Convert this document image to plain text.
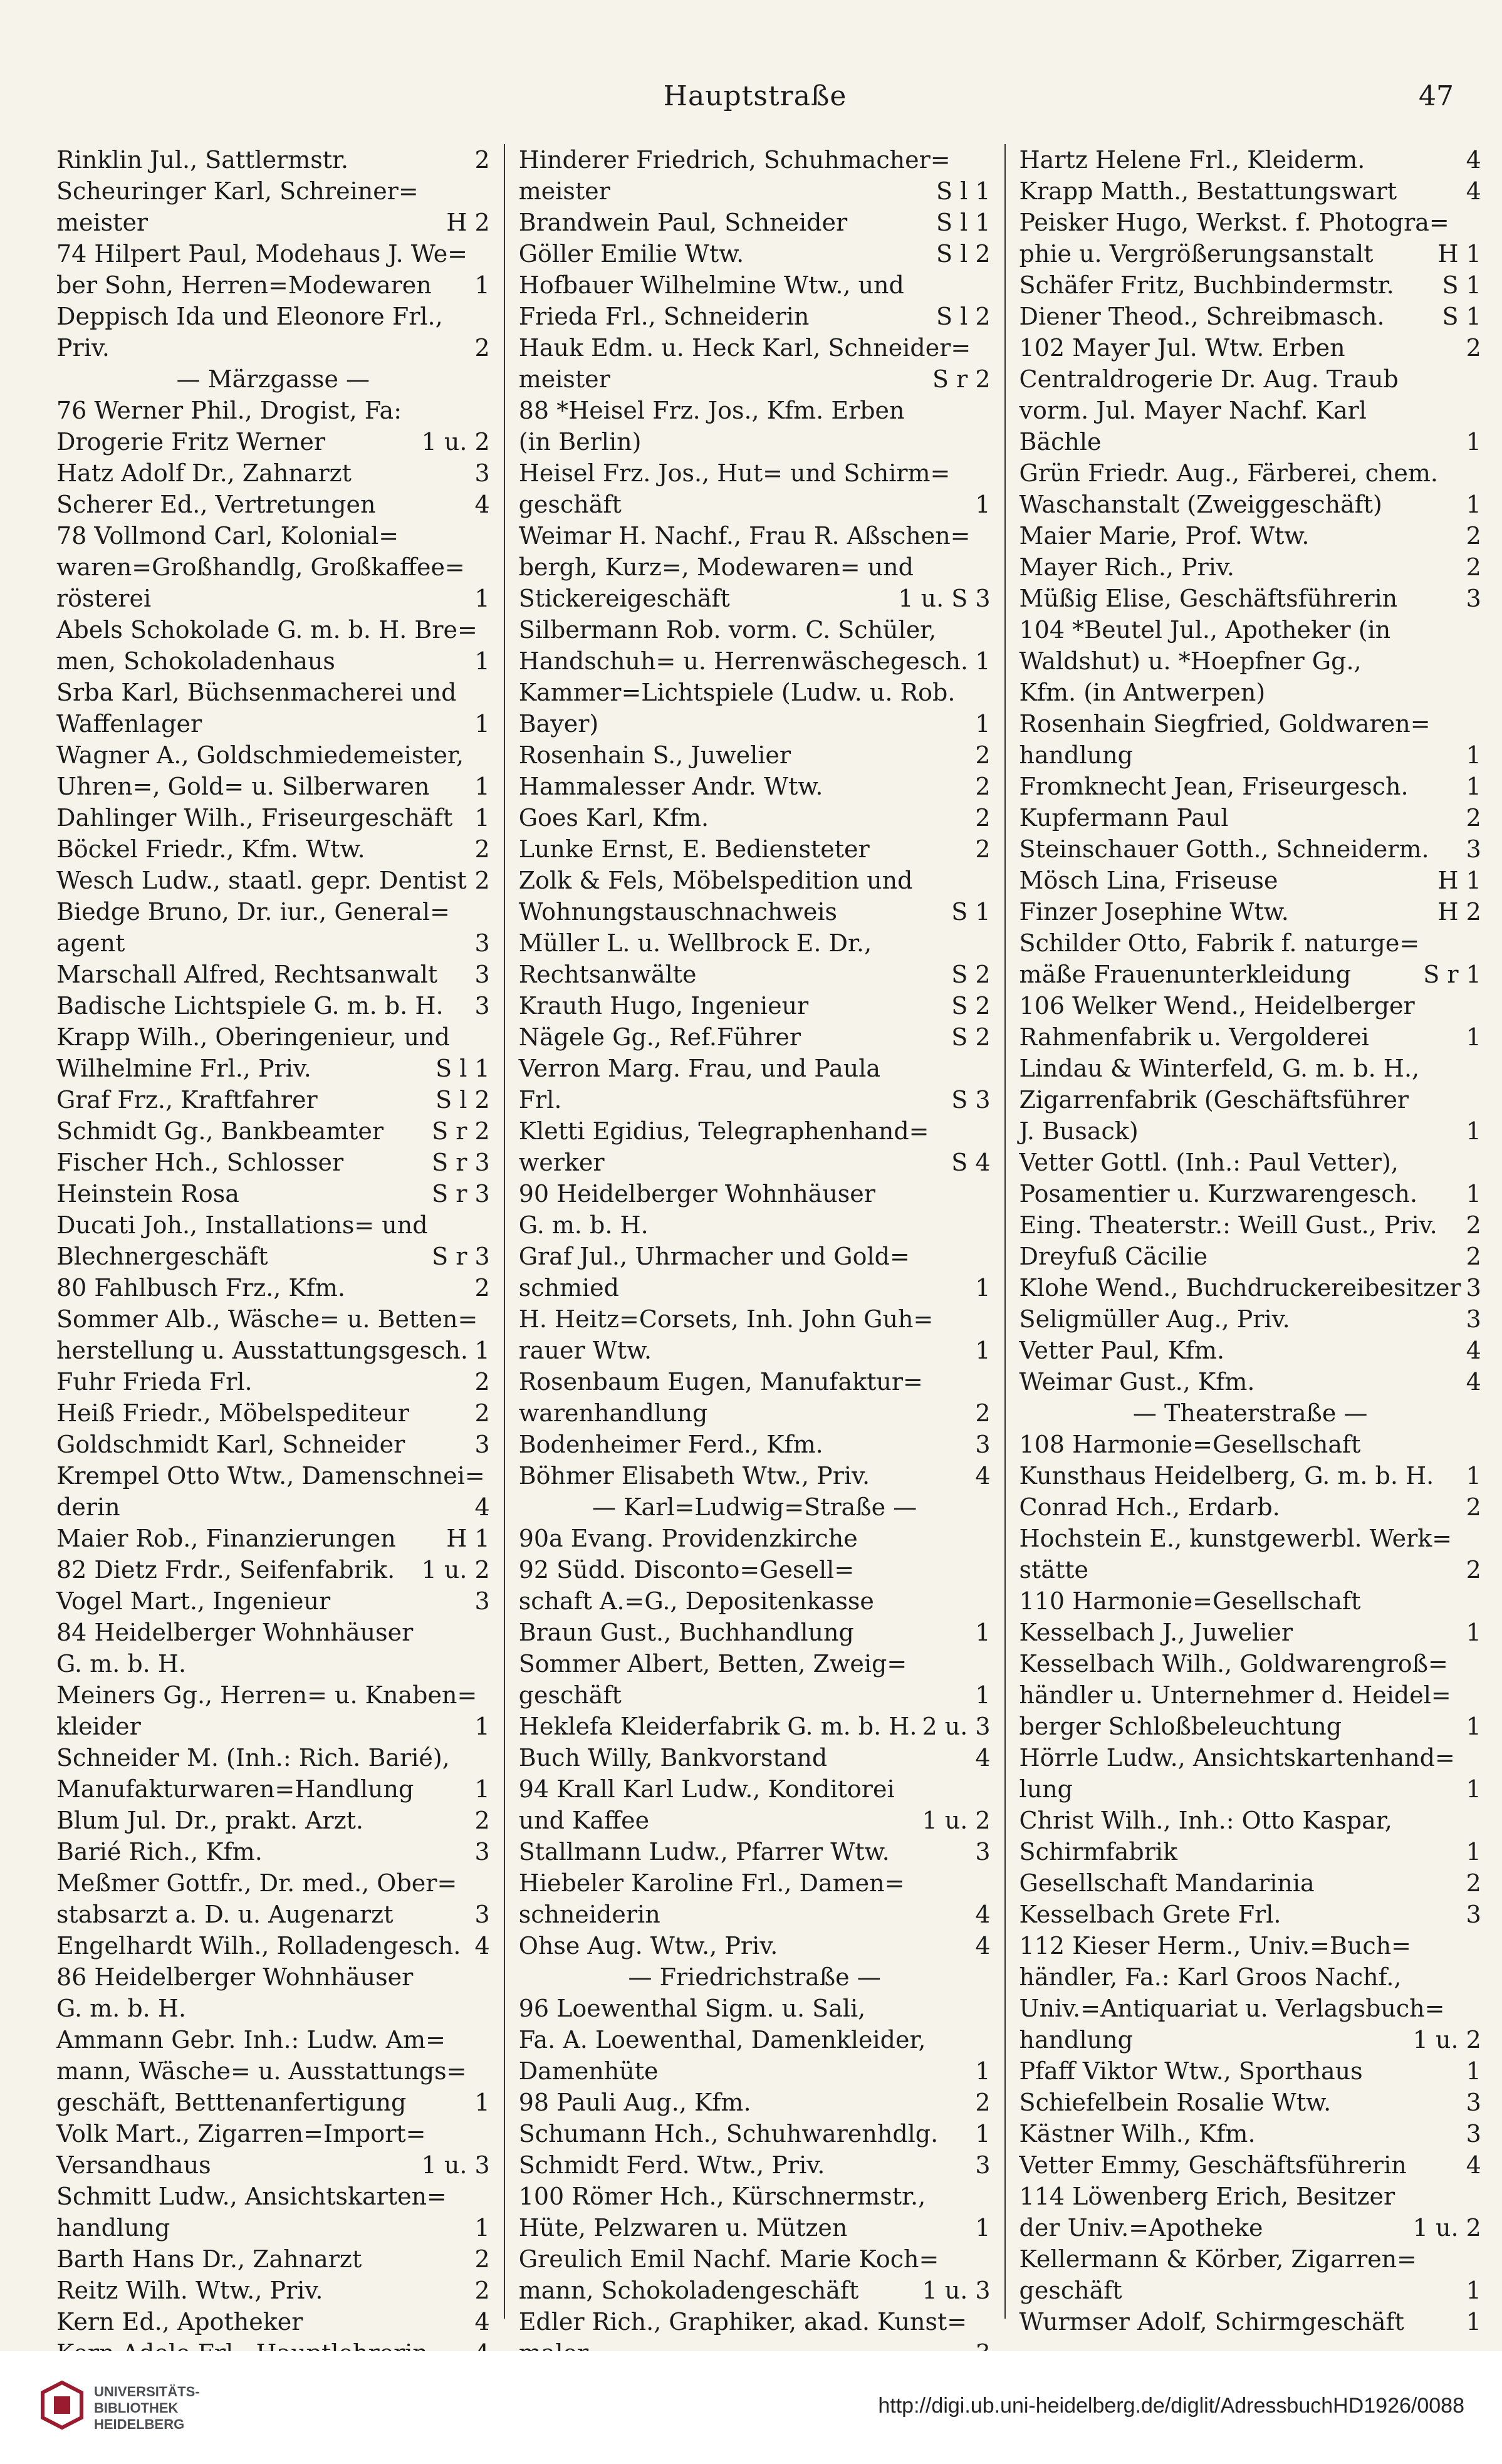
Hauptstraße	47
Rinklin Jul., Sattlermstr.	2
Scheuringer Karl, Schreiner=
meister	H 2
74 Hilpert Paul, Modehaus J. We=
ber Sohn, Herren=Modewaren 1
Deppisch Ida und Eleonore Frl.,
Priv.	2
— Märzgasse —
76 Werner Phil., Drogist, Fa:
Drogerie Fritz Werner	1 u. 2
Hatz Adolf Dr., Zahnarzt	3
Scherer Ed., Vertretungen	4
78 Vollmond Carl, Kolonial=
waren=Großhandlg, Großkaffee=
rösterei	1
Abels Schokolade G. m. b. H. Bre=
men, Schokoladenhaus	1
Srba Karl, Büchsenmacherei und
Waffenlager	1
Wagner A., Goldschmiedemeister,
Uhren=, Gold= u. Silberwaren 1
Dahlinger Wilh., Friseurgeschäft 1
Böckel Friedr., Kfm. Wtw.	2
Wesch Ludw., staatl. gepr. Dentist 2
Biedge Bruno, Dr. iur., General=
agent	3
Marschall Alfred, Rechtsanwalt 3
Badische Lichtspiele G. m. b. H. 3
Krapp Wilh., Oberingenieur, und
Wilhelmine Frl., Priv.	S l 1
Graf Frz., Kraftfahrer	S l 2
Schmidt Gg., Bankbeamter S r 2
Fischer Hch., Schlosser	S r 3
Heinstein Rosa	S r 3
Ducati Joh., Installations= und
Blechnergeschäft	S r 3
80 Fahlbusch Frz., Kfm.	2
Sommer Alb., Wäsche= u. Betten=
herstellung u. Ausstattungsgesch. 1
Fuhr Frieda Frl.	2
Heiß Friedr., Möbelspediteur	2
Goldschmidt Karl, Schneider	3
Krempel Otto Wtw., Damenschnei=
derin	4
Maier Rob., Finanzierungen H 1
82 Dietz Frdr., Seifenfabrik. 1 u. 2
Vogel Mart., Ingenieur	3
84 Heidelberger Wohnhäuser
G. m. b. H.
Meiners Gg., Herren= u. Knaben=
kleider	1
Schneider M. (Inh.: Rich. Barié),
Manufakturwaren=Handlung	1
Blum Jul. Dr., prakt. Arzt.	2
Barié Rich., Kfm.	3
Meßmer Gottfr., Dr. med., Ober=
stabsarzt a. D. u. Augenarzt	3
Engelhardt Wilh., Rolladengesch. 4
86 Heidelberger Wohnhäuser
G. m. b. H.
Ammann Gebr. Inh.: Ludw. Am=
mann, Wäsche= u. Ausstattungs=
geschäft, Betttenanfertigung	1
Volk Mart., Zigarren=Import=
Versandhaus	1 u. 3
Schmitt Ludw., Ansichtskarten=
handlung	1
Barth Hans Dr., Zahnarzt	2
Reitz Wilh. Wtw., Priv.	2
Kern Ed., Apotheker	4
Hinderer Friedrich, Schuhmacher=
meister	S l 1
Brandwein Paul, Schneider	S l 1
Göller Emilie Wtw.	S l 2
Hofbauer Wilhelmine Wtw., und
Frieda Frl., Schneiderin	S l 2
Hauk Edm. u. Heck Karl, Schneider=
meister	S r 2
88 *Heisel Frz. Jos., Kfm. Erben
(in Berlin)
Heisel Frz. Jos., Hut= und Schirm=
geschäft	1
Weimar H. Nachf., Frau R. Aßschen=
bergh, Kurz=, Modewaren= und
Stickereigeschäft	1 u. S 3
Silbermann Rob. vorm. C. Schüler,
Handschuh= u. Herrenwäschegesch. 1
Kammer=Lichtspiele (Ludw. u. Rob.
Bayer)	1
Rosenhain S., Juwelier	2
Hammalesser Andr. Wtw.	2
Goes Karl, Kfm.	2
Lunke Ernst, E. Bediensteter	2
Zolk & Fels, Möbelspedition und
Wohnungstauschnachweis	S 1
Müller L. u. Wellbrock E. Dr.,
Rechtsanwälte	S 2
Krauth Hugo, Ingenieur	S 2
Nägele Gg., Ref.Führer	S 2
Verron Marg. Frau, und Paula
Frl.	S 3
Kletti Egidius, Telegraphenhand=
werker	S 4
90 Heidelberger Wohnhäuser
G. m. b. H.
Graf Jul., Uhrmacher und Gold=
schmied	1
H. Heitz=Corsets, Inh. John Guh=
rauer Wtw.	1
Rosenbaum Eugen, Manufaktur=
warenhandlung	2
Bodenheimer Ferd., Kfm.	3
Böhmer Elisabeth Wtw., Priv.	4
— Karl=Ludwig=Straße —
90a Evang. Providenzkirche
92 Südd. Disconto=Gesell=
schaft A.=G., Depositenkasse
Braun Gust., Buchhandlung	1
Sommer Albert, Betten, Zweig=
geschäft	1
Heklefa Kleiderfabrik G. m. b. H. 2 u. 3
Buch Willy, Bankvorstand	4
94 Krall Karl Ludw., Konditorei
und Kaffee	1 u. 2
Stallmann Ludw., Pfarrer Wtw.	3
Hiebeler Karoline Frl., Damen=
schneiderin	4
Ohse Aug. Wtw., Priv.	4
— Friedrichstraße —
96 Loewenthal Sigm. u. Sali,
Fa. A. Loewenthal, Damenkleider,
Damenhüte	1
98 Pauli Aug., Kfm.	2
Schumann Hch., Schuhwarenhdlg. 1
Schmidt Ferd. Wtw., Priv.	3
100 Römer Hch., Kürschnermstr.,
Hüte, Pelzwaren u. Mützen	1
Greulich Emil Nachf. Marie Koch=
mann, Schokoladengeschäft	1 u. 3
Edler Rich., Graphiker, akad. Kunst=
Hartz Helene Frl., Kleiderm.	4
Krapp Matth., Bestattungswart	4
Peisker Hugo, Werkst. f. Photogra=
phie u. Vergrößerungsanstalt	H 1
Schäfer Fritz, Buchbindermstr. S 1
Diener Theod., Schreibmasch. S 1
102 Mayer Jul. Wtw. Erben	2
Centraldrogerie Dr. Aug. Traub
vorm. Jul. Mayer Nachf. Karl
Bächle	1
Grün Friedr. Aug., Färberei, chem.
Waschanstalt (Zweiggeschäft)	1
Maier Marie, Prof. Wtw.	2
Mayer Rich., Priv.	2
Müßig Elise, Geschäftsführerin	3
104 *Beutel Jul., Apotheker (in
Waldshut) u. *Hoepfner Gg.,
Kfm. (in Antwerpen)
Rosenhain Siegfried, Goldwaren=
handlung	1
Fromknecht Jean, Friseurgesch. 1
Kupfermann Paul	2
Steinschauer Gotth., Schneiderm. 3
Mösch Lina, Friseuse	H 1
Finzer Josephine Wtw.	H 2
Schilder Otto, Fabrik f. naturge=
mäße Frauenunterkleidung	S r 1
106 Welker Wend., Heidelberger
Rahmenfabrik u. Vergolderei	1
Lindau & Winterfeld, G. m. b. H.,
Zigarrenfabrik (Geschäftsführer
J. Busack)	1
Vetter Gottl. (Inh.: Paul Vetter),
Posamentier u. Kurzwarengesch. 1
Eing. Theaterstr.: Weill Gust., Priv. 2
Dreyfuß Cäcilie	2
Klohe Wend., Buchdruckereibesitzer 3
Seligmüller Aug., Priv.	3
Vetter Paul, Kfm.	4
Weimar Gust., Kfm.	4
— Theaterstraße —
108 Harmonie=Gesellschaft
Kunsthaus Heidelberg, G. m. b. H. 1
Conrad Hch., Erdarb.	2
Hochstein E., kunstgewerbl. Werk=
stätte	2
110 Harmonie=Gesellschaft
Kesselbach J., Juwelier	1
Kesselbach Wilh., Goldwarengroß=
händler u. Unternehmer d. Heidel=
berger Schloßbeleuchtung	1
Hörrle Ludw., Ansichtskartenhand=
lung	1
Christ Wilh., Inh.: Otto Kaspar,
Schirmfabrik	1
Gesellschaft Mandarinia	2
Kesselbach Grete Frl.	3
112 Kieser Herm., Univ.=Buch=
händler, Fa.: Karl Groos Nachf.,
Univ.=Antiquariat u. Verlagsbuch=
handlung	1 u. 2
Pfaff Viktor Wtw., Sporthaus	1
Schiefelbein Rosalie Wtw.	3
Kästner Wilh., Kfm.	3
Vetter Emmy, Geschäftsführerin 4
114 Löwenberg Erich, Besitzer
der Univ.=Apotheke	1 u. 2
Kellermann & Körber, Zigarren=
geschäft	1
Wurmser Adolf, Schirmgeschäft	1
UNIVERSITÄTS-
BIBLIOTHEK
HEIDELBERG
http://digi.ub.uni-heidelberg.de/diglit/AdressbuchHD1926/0088
